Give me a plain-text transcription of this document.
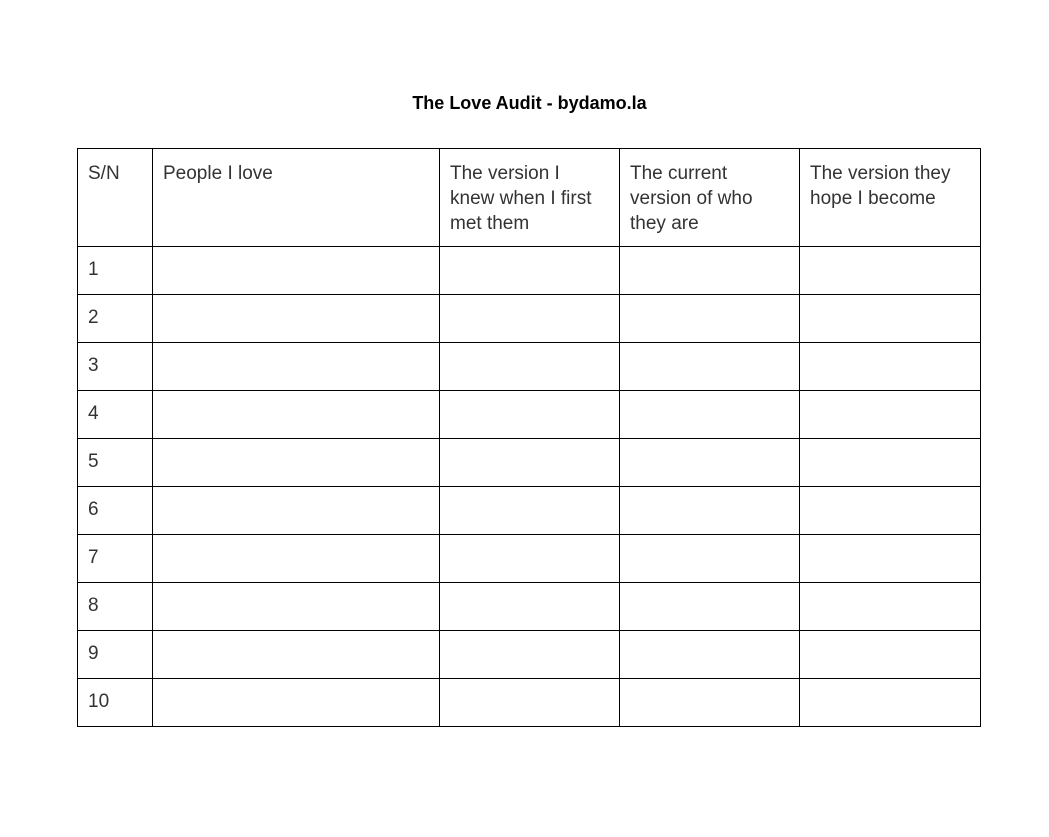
The Love Audit - bydamo.la
S/N	People I love	The version I knew when I first met them	The current version of who they are	The version they hope I become
1				
2				
3				
4				
5				
6				
7				
8				
9				
10				
